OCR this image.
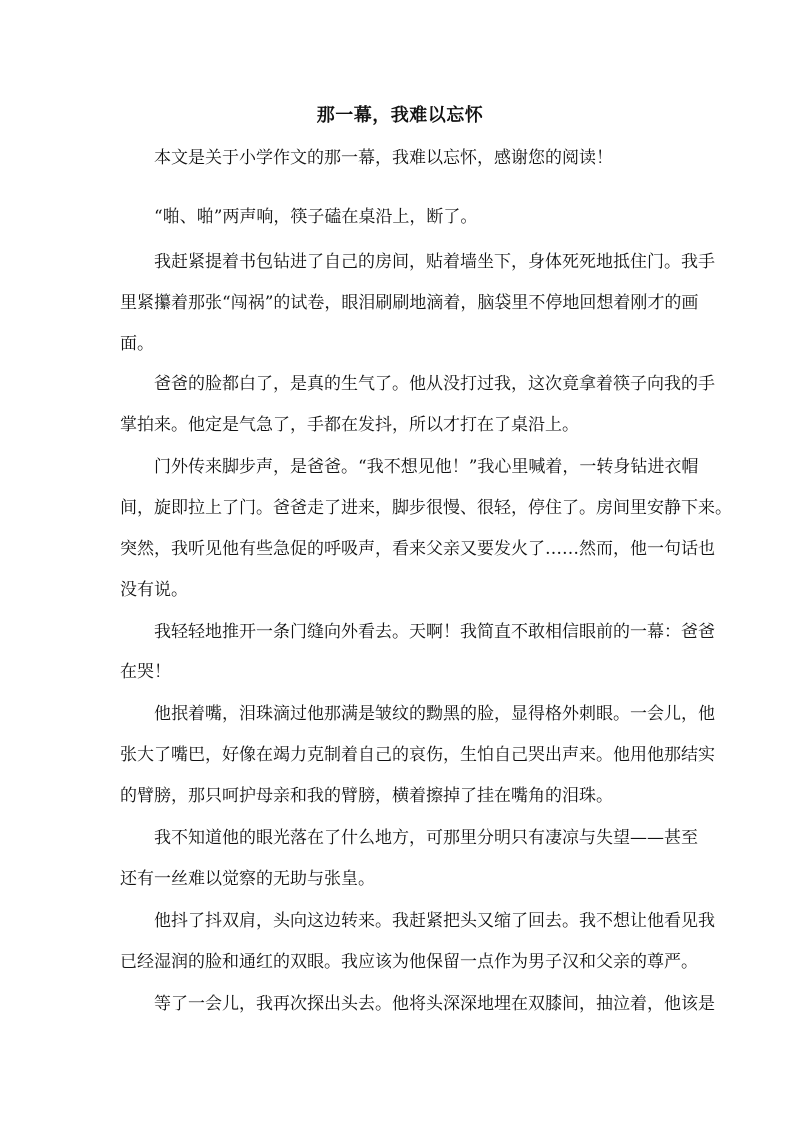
那一幕，我难以忘怀
本文是关于小学作文的那一幕，我难以忘怀，感谢您的阅读！
“啪、啪”两声响，筷子磕在桌沿上，断了。
我赶紧提着书包钻进了自己的房间，贴着墙坐下，身体死死地抵住门。我手
里紧攥着那张“闯祸”的试卷，眼泪刷刷地滴着，脑袋里不停地回想着刚才的画
面。
爸爸的脸都白了，是真的生气了。他从没打过我，这次竟拿着筷子向我的手
掌拍来。他定是气急了，手都在发抖，所以才打在了桌沿上。
门外传来脚步声，是爸爸。“我不想见他！”我心里喊着，一转身钻进衣帽
间，旋即拉上了门。爸爸走了进来，脚步很慢、很轻，停住了。房间里安静下来。
突然，我听见他有些急促的呼吸声，看来父亲又要发火了……然而，他一句话也
没有说。
我轻轻地推开一条门缝向外看去。天啊！我简直不敢相信眼前的一幕：爸爸
在哭！
他抿着嘴，泪珠滴过他那满是皱纹的黝黑的脸，显得格外刺眼。一会儿，他
张大了嘴巴，好像在竭力克制着自己的哀伤，生怕自己哭出声来。他用他那结实
的臂膀，那只呵护母亲和我的臂膀，横着擦掉了挂在嘴角的泪珠。
我不知道他的眼光落在了什么地方，可那里分明只有凄凉与失望——甚至
还有一丝难以觉察的无助与张皇。
他抖了抖双肩，头向这边转来。我赶紧把头又缩了回去。我不想让他看见我
已经湿润的脸和通红的双眼。我应该为他保留一点作为男子汉和父亲的尊严。
等了一会儿，我再次探出头去。他将头深深地埋在双膝间，抽泣着，他该是
